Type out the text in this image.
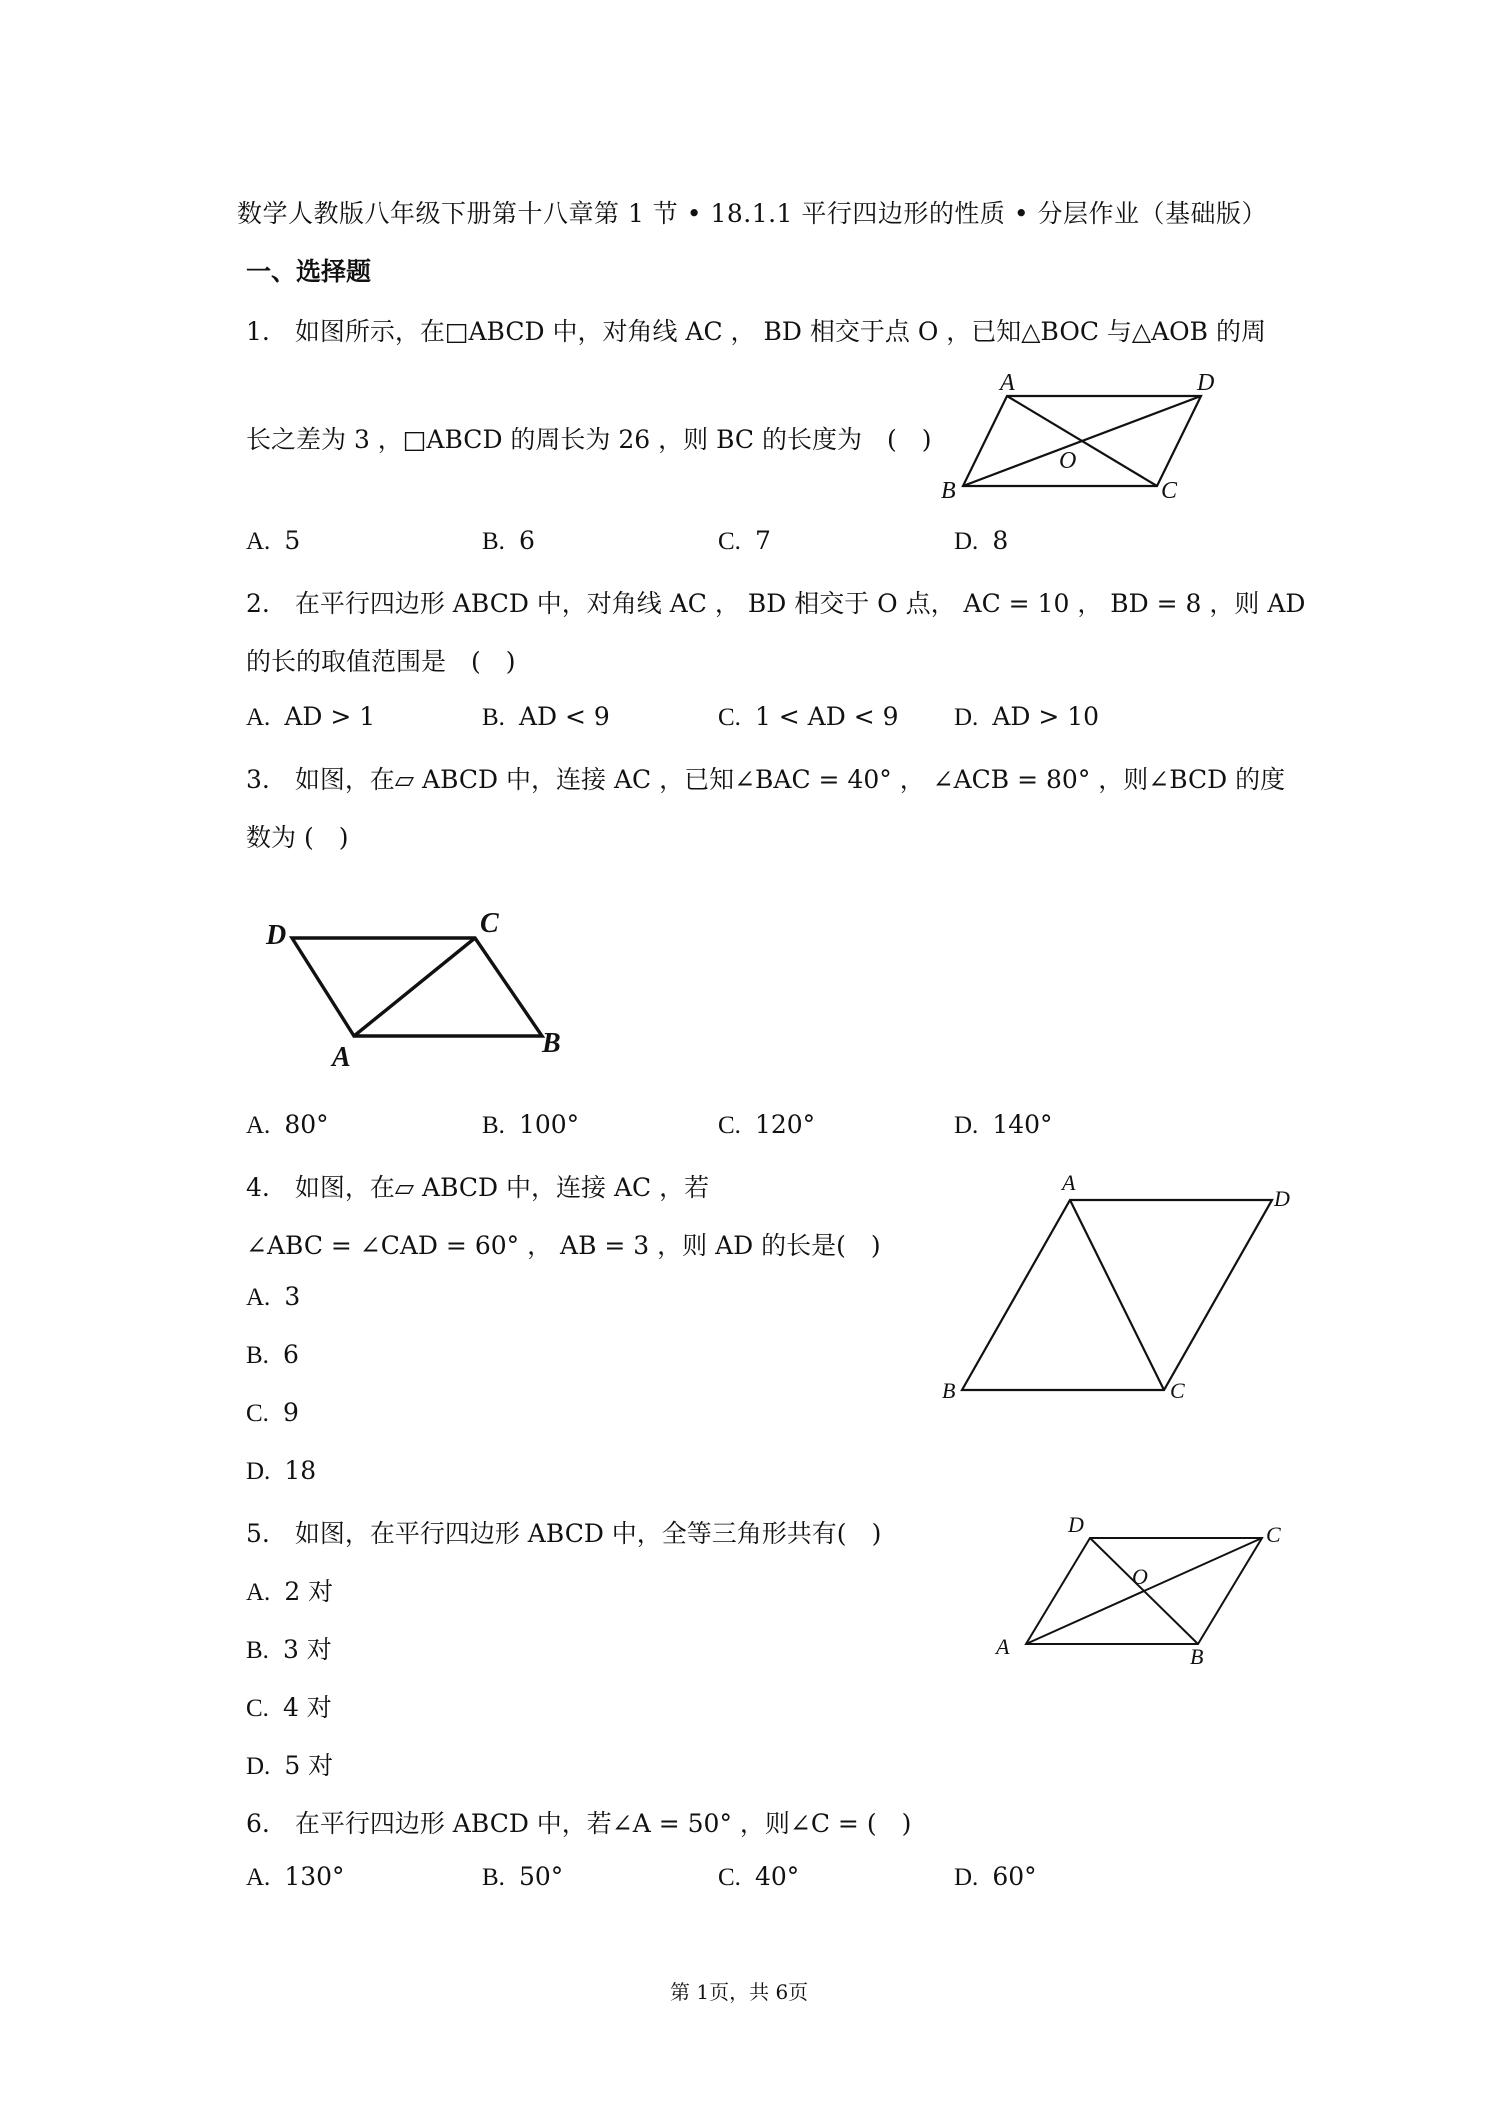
数学人教版八年级下册第十八章第 1 节 • 18.1.1 平行四边形的性质 • 分层作业（基础版）
一、选择题
1.　如图所示，在□ABCD 中，对角线 AC ， BD 相交于点 O ，已知△BOC 与△AOB 的周
长之差为 3 ，□ABCD 的周长为 26 ，则 BC 的长度为　(　)
A	D
B	C
O
A. 5	B. 6	C. 7	D. 8
2.　在平行四边形 ABCD 中，对角线 AC ， BD 相交于 O 点， AC = 10 ， BD = 8 ，则 AD
的长的取值范围是　(　)
A. AD > 1	B. AD < 9	C. 1 < AD < 9 D. AD > 10
3.　如图，在▱ ABCD 中，连接 AC ，已知∠BAC = 40° ， ∠ACB = 80° ，则∠BCD 的度
数为 (　)
D	C
A	B
A. 80°	B. 100°	C. 120°	D. 140°
4.　如图，在▱ ABCD 中，连接 AC ，若
∠ABC = ∠CAD = 60° ， AB = 3 ，则 AD 的长是(　)
A
D
B	C
A. 3
B. 6
C. 9
D. 18
5.　如图，在平行四边形 ABCD 中，全等三角形共有(　)	D	C
O
A	B
A. 2 对
B. 3 对
C. 4 对
D. 5 对
6.　在平行四边形 ABCD 中，若∠A = 50° ，则∠C = (　)
A. 130°	B. 50°	C. 40°	D. 60°
第 1页，共 6页
